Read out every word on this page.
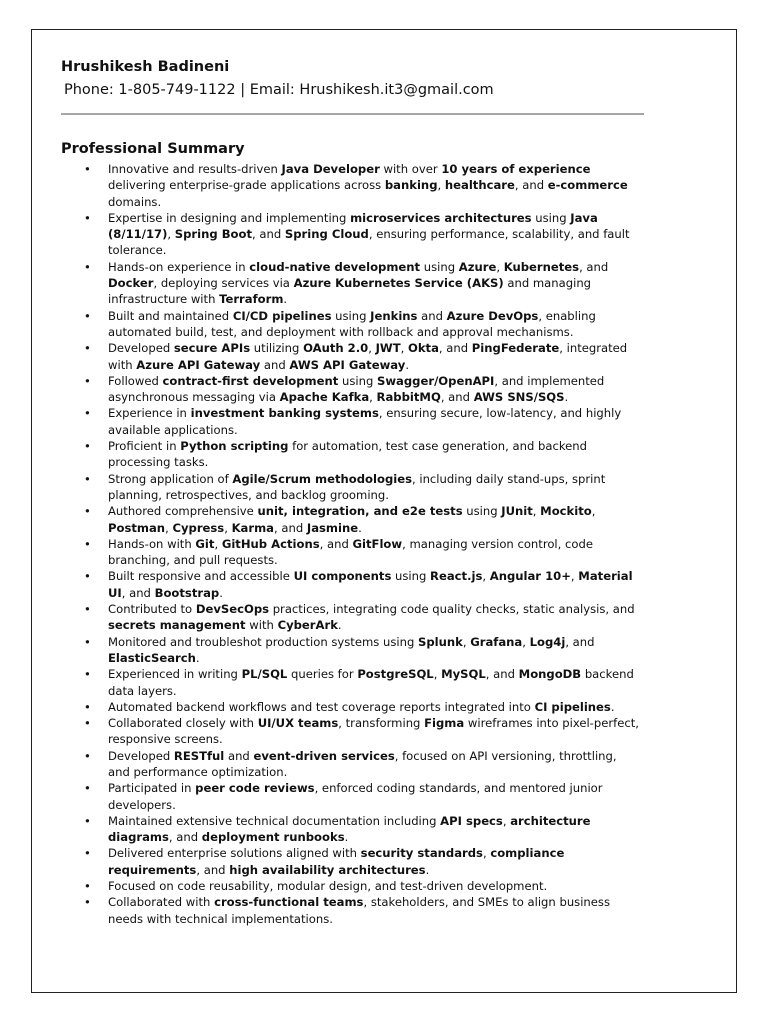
Hrushikesh Badineni
Phone: 1-805-749-1122 | Email: Hrushikesh.it3@gmail.com
Professional Summary
• Innovative and results-driven Java Developer with over 10 years of experience delivering enterprise-grade applications across banking, healthcare, and e-commerce domains.
• Expertise in designing and implementing microservices architectures using Java (8/11/17), Spring Boot, and Spring Cloud, ensuring performance, scalability, and fault tolerance.
• Hands-on experience in cloud-native development using Azure, Kubernetes, and Docker, deploying services via Azure Kubernetes Service (AKS) and managing infrastructure with Terraform.
• Built and maintained CI/CD pipelines using Jenkins and Azure DevOps, enabling automated build, test, and deployment with rollback and approval mechanisms.
• Developed secure APIs utilizing OAuth 2.0, JWT, Okta, and PingFederate, integrated with Azure API Gateway and AWS API Gateway.
• Followed contract-first development using Swagger/OpenAPI, and implemented asynchronous messaging via Apache Kafka, RabbitMQ, and AWS SNS/SQS.
• Experience in investment banking systems, ensuring secure, low-latency, and highly available applications.
• Proficient in Python scripting for automation, test case generation, and backend processing tasks.
• Strong application of Agile/Scrum methodologies, including daily stand-ups, sprint planning, retrospectives, and backlog grooming.
• Authored comprehensive unit, integration, and e2e tests using JUnit, Mockito, Postman, Cypress, Karma, and Jasmine.
• Hands-on with Git, GitHub Actions, and GitFlow, managing version control, code branching, and pull requests.
• Built responsive and accessible UI components using React.js, Angular 10+, Material UI, and Bootstrap.
• Contributed to DevSecOps practices, integrating code quality checks, static analysis, and secrets management with CyberArk.
• Monitored and troubleshot production systems using Splunk, Grafana, Log4j, and ElasticSearch.
• Experienced in writing PL/SQL queries for PostgreSQL, MySQL, and MongoDB backend data layers.
• Automated backend workflows and test coverage reports integrated into CI pipelines.
• Collaborated closely with UI/UX teams, transforming Figma wireframes into pixel-perfect, responsive screens.
• Developed RESTful and event-driven services, focused on API versioning, throttling, and performance optimization.
• Participated in peer code reviews, enforced coding standards, and mentored junior developers.
• Maintained extensive technical documentation including API specs, architecture diagrams, and deployment runbooks.
• Delivered enterprise solutions aligned with security standards, compliance requirements, and high availability architectures.
• Focused on code reusability, modular design, and test-driven development.
• Collaborated with cross-functional teams, stakeholders, and SMEs to align business needs with technical implementations.
